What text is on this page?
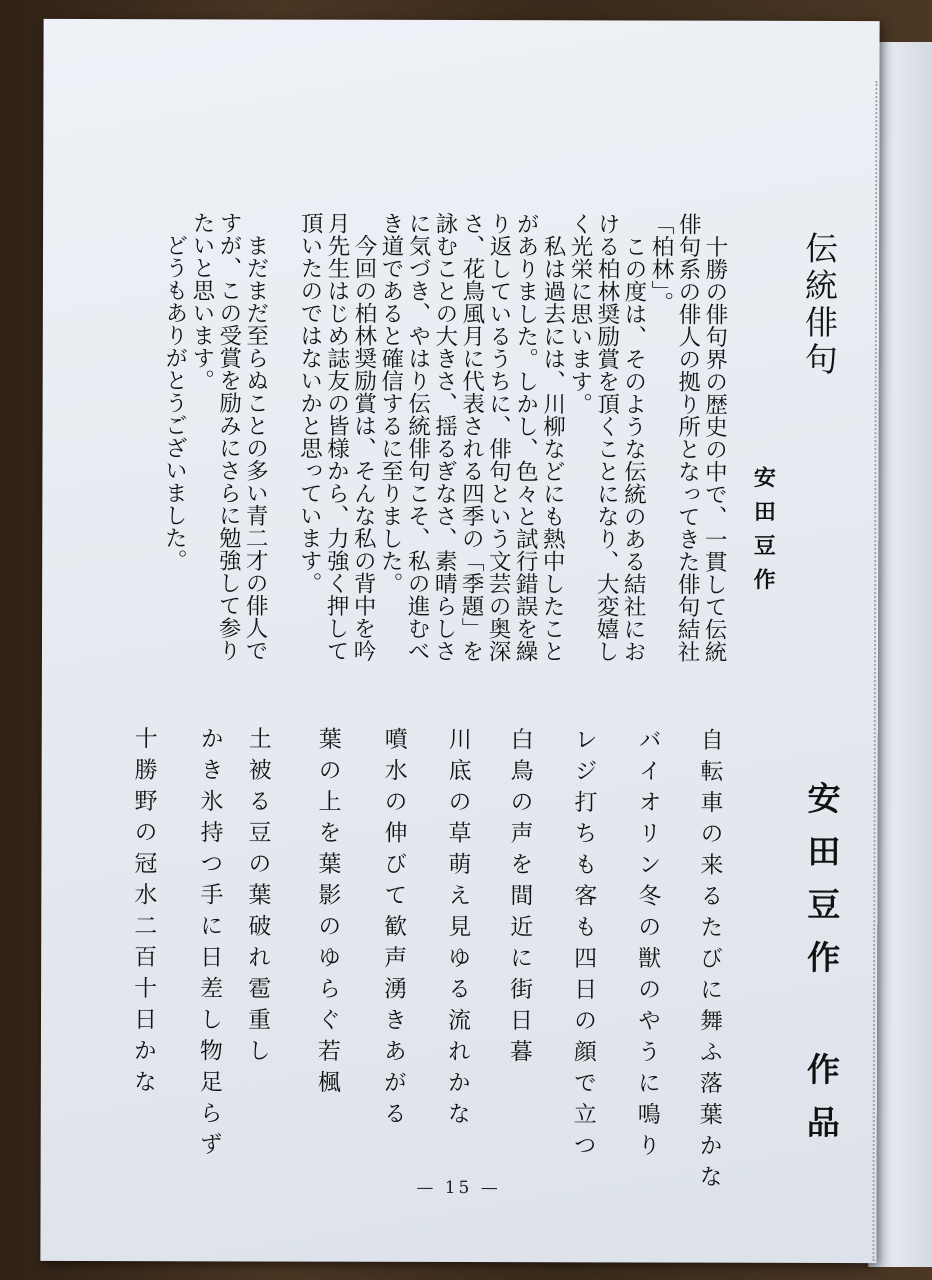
伝統俳句
安田豆作
　十勝の俳句界の歴史の中で、一貫して伝統
俳句系の俳人の拠り所となってきた俳句結社
「柏林」。
　この度は、そのような伝統のある結社にお
ける柏林奨励賞を頂くことになり、大変嬉し
く光栄に思います。
　私は過去には、川柳などにも熱中したこと
がありました。しかし、色々と試行錯誤を繰
り返しているうちに、俳句という文芸の奥深
さ、花鳥風月に代表される四季の「季題」を
詠むことの大きさ、揺るぎなさ、素晴らしさ
に気づき、やはり伝統俳句こそ、私の進むべ
き道であると確信するに至りました。
　今回の柏林奨励賞は、そんな私の背中を吟
月先生はじめ誌友の皆様から、力強く押して
頂いたのではないかと思っています。
　まだまだ至らぬことの多い青二才の俳人で
すが、この受賞を励みにさらに勉強して参り
たいと思います。
　どうもありがとうございました。
安田豆作 作品
自転車の来るたびに舞ふ落葉かな
バイオリン冬の獣のやうに鳴り
レジ打ちも客も四日の顔で立つ
白鳥の声を間近に街日暮
川底の草萌え見ゆる流れかな
噴水の伸びて歓声湧きあがる
葉の上を葉影のゆらぐ若楓
土被る豆の葉破れ雹重し
かき氷持つ手に日差し物足らず
十勝野の冠水二百十日かな
— 15 —
